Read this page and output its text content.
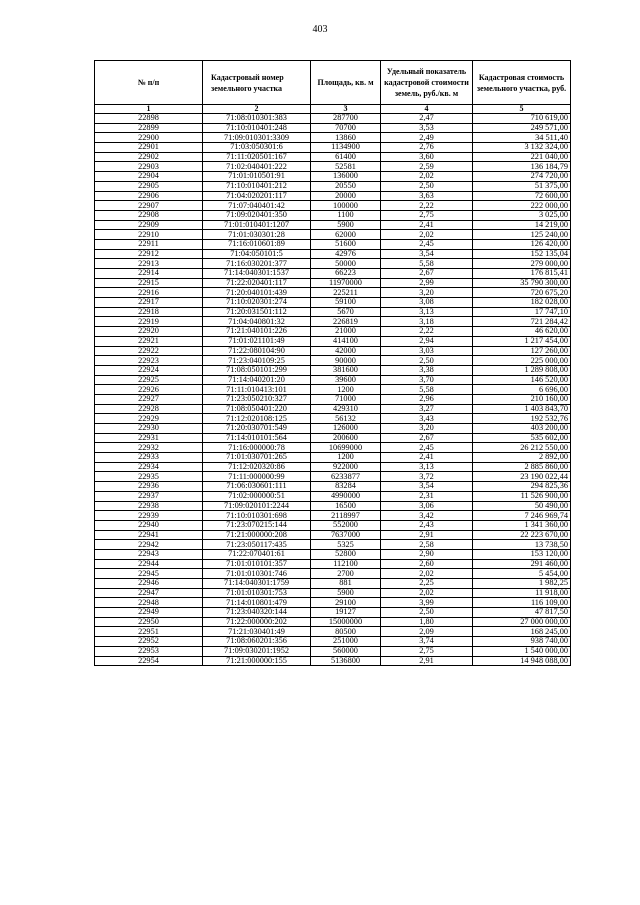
403
№ п/п	Кадастровый номер земельного участка	Площадь, кв. м	Удельный показатель кадастровой стоимости земель, руб./кв. м	Кадастровая стоимость земельного участка, руб.
1	2	3	4	5
22898	71:08:010301:383	287700	2,47	710 619,00
22899	71:10:010401:248	70700	3,53	249 571,00
22900	71:09:010301:3309	13860	2,49	34 511,40
22901	71:03:050301:6	1134900	2,76	3 132 324,00
22902	71:11:020501:167	61400	3,60	221 040,00
22903	71:02:040401:222	52581	2,59	136 184,79
22904	71:01:010501:91	136000	2,02	274 720,00
22905	71:10:010401:212	20550	2,50	51 375,00
22906	71:04:020201:117	20000	3,63	72 600,00
22907	71:07:040401:42	100000	2,22	222 000,00
22908	71:09:020401:350	1100	2,75	3 025,00
22909	71:01:010401:1207	5900	2,41	14 219,00
22910	71:01:030301:28	62000	2,02	125 240,00
22911	71:16:010601:89	51600	2,45	126 420,00
22912	71:04:050101:5	42976	3,54	152 135,04
22913	71:16:030201:377	50000	5,58	279 000,00
22914	71:14:040301:1537	66223	2,67	176 815,41
22915	71:22:020401:117	11970000	2,99	35 790 300,00
22916	71:20:040101:439	225211	3,20	720 675,20
22917	71:10:020301:274	59100	3,08	182 028,00
22918	71:20:031501:112	5670	3,13	17 747,10
22919	71:04:040801:32	226819	3,18	721 284,42
22920	71:21:040101:226	21000	2,22	46 620,00
22921	71:01:021101:49	414100	2,94	1 217 454,00
22922	71:22:080104:90	42000	3,03	127 260,00
22923	71:23:040109:25	90000	2,50	225 000,00
22924	71:08:050101:299	381600	3,38	1 289 808,00
22925	71:14:040201:20	39600	3,70	146 520,00
22926	71:11:010413:101	1200	5,58	6 696,00
22927	71:23:050210:327	71000	2,96	210 160,00
22928	71:08:050401:220	429310	3,27	1 403 843,70
22929	71:12:020108:125	56132	3,43	192 532,76
22930	71:20:030701:549	126000	3,20	403 200,00
22931	71:14:010101:564	200600	2,67	535 602,00
22932	71:16:000000:78	10699000	2,45	26 212 550,00
22933	71:01:030701:265	1200	2,41	2 892,00
22934	71:12:020320:86	922000	3,13	2 885 860,00
22935	71:11:000000:99	6233877	3,72	23 190 022,44
22936	71:06:030601:111	83284	3,54	294 825,36
22937	71:02:000000:51	4990000	2,31	11 526 900,00
22938	71:09:020101:2244	16500	3,06	50 490,00
22939	71:10:010301:698	2118997	3,42	7 246 969,74
22940	71:23:070215:144	552000	2,43	1 341 360,00
22941	71:21:000000:208	7637000	2,91	22 223 670,00
22942	71:23:050117:435	5325	2,58	13 738,50
22943	71:22:070401:61	52800	2,90	153 120,00
22944	71:01:010101:357	112100	2,60	291 460,00
22945	71:01:010301:746	2700	2,02	5 454,00
22946	71:14:040301:1759	881	2,25	1 982,25
22947	71:01:010301:753	5900	2,02	11 918,00
22948	71:14:010801:479	29100	3,99	116 109,00
22949	71:23:040320:144	19127	2,50	47 817,50
22950	71:22:000000:202	15000000	1,80	27 000 000,00
22951	71:21:030401:49	80500	2,09	168 245,00
22952	71:08:060201:356	251000	3,74	938 740,00
22953	71:09:030201:1952	560000	2,75	1 540 000,00
22954	71:21:000000:155	5136800	2,91	14 948 088,00
